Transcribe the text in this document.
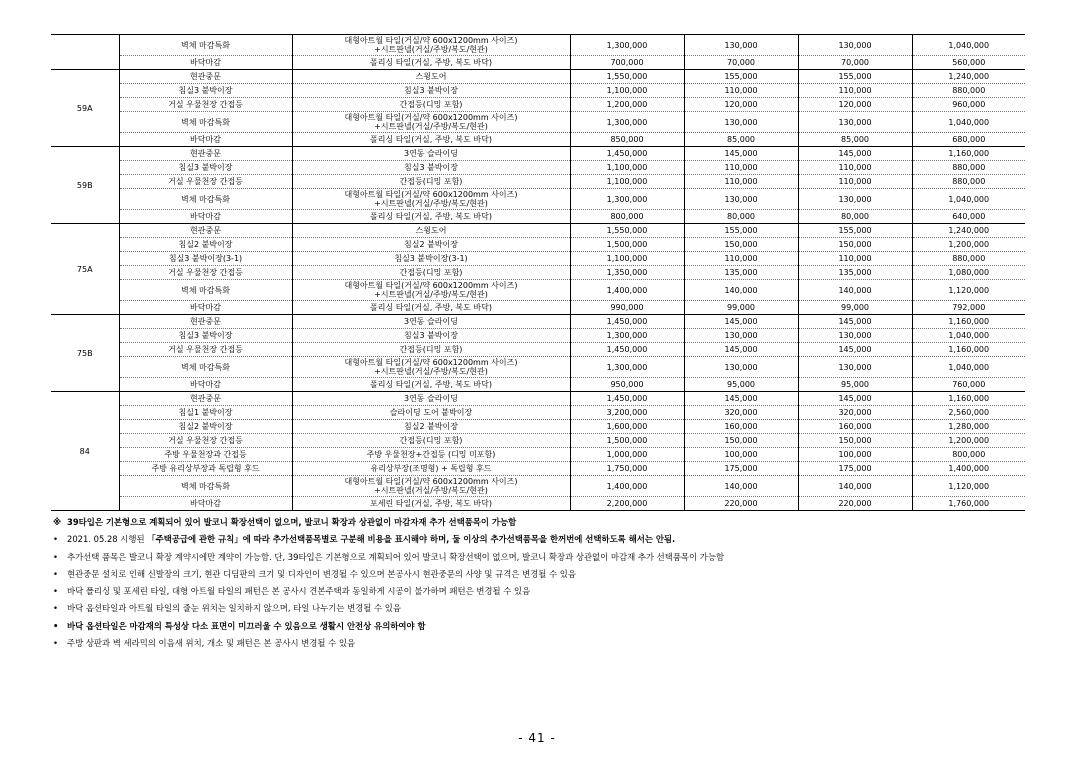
	벽체 마감특화	대형아트월 타일(거실/약 600x1200mm 사이즈)
+시트판넬(거실/주방/복도/현관)	1,300,000	130,000	130,000	1,040,000
	바닥마감	폴리싱 타일(거실, 주방, 복도 바닥)	700,000	70,000	70,000	560,000
59A	현관중문	스윙도어	1,550,000	155,000	155,000	1,240,000
	침실3 붙박이장	침실3 붙박이장	1,100,000	110,000	110,000	880,000
	거실 우물천장 간접등	간접등(디밍 포함)	1,200,000	120,000	120,000	960,000
	벽체 마감특화	대형아트월 타일(거실/약 600x1200mm 사이즈)
+시트판넬(거실/주방/복도/현관)	1,300,000	130,000	130,000	1,040,000
	바닥마감	폴리싱 타일(거실, 주방, 복도 바닥)	850,000	85,000	85,000	680,000
59B	현관중문	3연동 슬라이딩	1,450,000	145,000	145,000	1,160,000
	침실3 붙박이장	침실3 붙박이장	1,100,000	110,000	110,000	880,000
	거실 우물천장 간접등	간접등(디밍 포함)	1,100,000	110,000	110,000	880,000
	벽체 마감특화	대형아트월 타일(거실/약 600x1200mm 사이즈)
+시트판넬(거실/주방/복도/현관)	1,300,000	130,000	130,000	1,040,000
	바닥마감	폴리싱 타일(거실, 주방, 복도 바닥)	800,000	80,000	80,000	640,000
75A	현관중문	스윙도어	1,550,000	155,000	155,000	1,240,000
	침실2 붙박이장	침실2 붙박이장	1,500,000	150,000	150,000	1,200,000
	침실3 붙박이장(3-1)	침실3 붙박이장(3-1)	1,100,000	110,000	110,000	880,000
	거실 우물천장 간접등	간접등(디밍 포함)	1,350,000	135,000	135,000	1,080,000
	벽체 마감특화	대형아트월 타일(거실/약 600x1200mm 사이즈)
+시트판넬(거실/주방/복도/현관)	1,400,000	140,000	140,000	1,120,000
	바닥마감	폴리싱 타일(거실, 주방, 복도 바닥)	990,000	99,000	99,000	792,000
75B	현관중문	3연동 슬라이딩	1,450,000	145,000	145,000	1,160,000
	침실3 붙박이장	침실3 붙박이장	1,300,000	130,000	130,000	1,040,000
	거실 우물천장 간접등	간접등(디밍 포함)	1,450,000	145,000	145,000	1,160,000
	벽체 마감특화	대형아트월 타일(거실/약 600x1200mm 사이즈)
+시트판넬(거실/주방/복도/현관)	1,300,000	130,000	130,000	1,040,000
	바닥마감	폴리싱 타일(거실, 주방, 복도 바닥)	950,000	95,000	95,000	760,000
84	현관중문	3연동 슬라이딩	1,450,000	145,000	145,000	1,160,000
	침실1 붙박이장	슬라이딩 도어 붙박이장	3,200,000	320,000	320,000	2,560,000
	침실2 붙박이장	침실2 붙박이장	1,600,000	160,000	160,000	1,280,000
	거실 우물천장 간접등	간접등(디밍 포함)	1,500,000	150,000	150,000	1,200,000
	주방 우물천장과 간접등	주방 우물천장+간접등 (디밍 미포함)	1,000,000	100,000	100,000	800,000
	주방 유리상부장과 독립형 후드	유리상부장(조명형) + 독립형 후드	1,750,000	175,000	175,000	1,400,000
	벽체 마감특화	대형아트월 타일(거실/약 600x1200mm 사이즈)
+시트판넬(거실/주방/복도/현관)	1,400,000	140,000	140,000	1,120,000
	바닥마감	포세린 타일(거실, 주방, 복도 바닥)	2,200,000	220,000	220,000	1,760,000
※ 39타입은 기본형으로 계획되어 있어 발코니 확장선택이 없으며, 발코니 확장과 상관없이 마감자재 추가 선택품목이 가능함
• 2021. 05.28 시행된 「주택공급에 관한 규칙」에 따라 추가선택품목별로 구분해 비용을 표시해야 하며, 둘 이상의 추가선택품목을 한꺼번에 선택하도록 해서는 안됨.
• 추가선택 품목은 발코니 확장 계약시에만 계약이 가능함. 단, 39타입은 기본형으로 계획되어 있어 발코니 확장선택이 없으며, 발코니 확장과 상관없이 마감재 추가 선택품목이 가능함
• 현관중문 설치로 인해 신발장의 크기, 현관 디딤판의 크기 및 디자인이 변경될 수 있으며 본공사시 현관중문의 사양 및 규격은 변경될 수 있음
• 바닥 폴리싱 및 포세린 타일, 대형 아트월 타일의 패턴은 본 공사시 견본주택과 동일하게 시공이 불가하며 패턴은 변경될 수 있음
• 바닥 옵션타일과 아트월 타일의 줄눈 위치는 일치하지 않으며, 타일 나누기는 변경될 수 있음
• 바닥 옵션타일은 마감재의 특성상 다소 표면이 미끄러울 수 있음으로 생활시 안전상 유의하여야 함
• 주방 상판과 벽 세라믹의 이음새 위치, 개소 및 패턴은 본 공사시 변경될 수 있음
- 41 -
